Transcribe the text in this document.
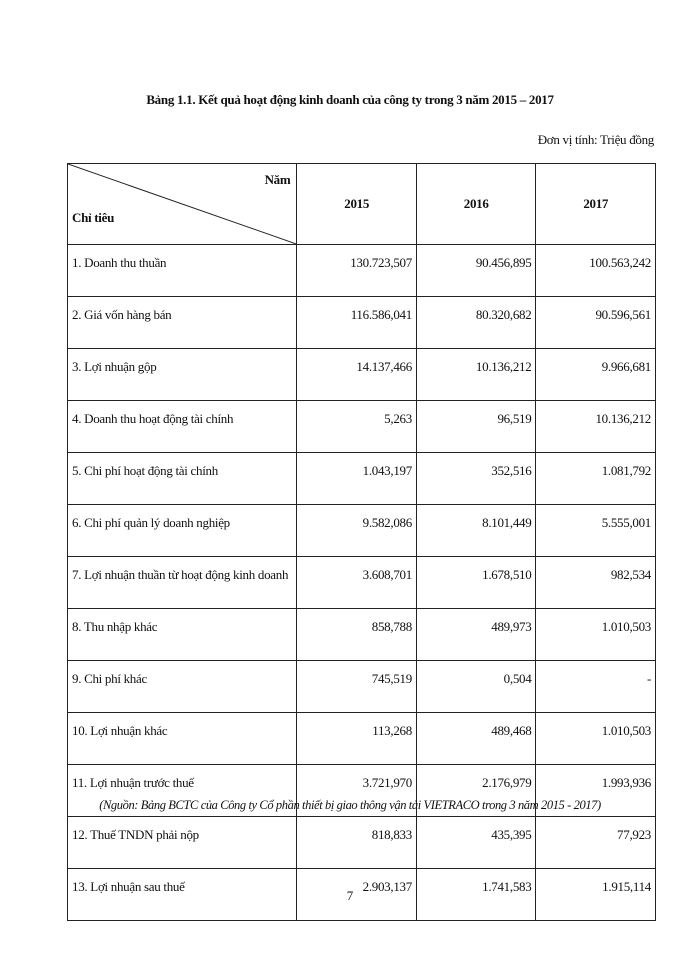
Bảng 1.1. Kết quả hoạt động kinh doanh của công ty trong 3 năm 2015 – 2017
Đơn vị tính: Triệu đồng
Năm
Chỉ tiêu	2015	2016	2017
1. Doanh thu thuần	130.723,507	90.456,895	100.563,242
2. Giá vốn hàng bán	116.586,041	80.320,682	90.596,561
3. Lợi nhuận gộp	14.137,466	10.136,212	9.966,681
4. Doanh thu hoạt động tài chính	5,263	96,519	10.136,212
5. Chi phí hoạt động tài chính	1.043,197	352,516	1.081,792
6. Chi phí quản lý doanh nghiệp	9.582,086	8.101,449	5.555,001
7. Lợi nhuận thuần từ hoạt động kinh doanh	3.608,701	1.678,510	982,534
8. Thu nhập khác	858,788	489,973	1.010,503
9. Chi phí khác	745,519	0,504	-
10. Lợi nhuận khác	113,268	489,468	1.010,503
11. Lợi nhuận trước thuế	3.721,970	2.176,979	1.993,936
12. Thuế TNDN phải nộp	818,833	435,395	77,923
13. Lợi nhuận sau thuế	2.903,137	1.741,583	1.915,114
(Nguồn: Bảng BCTC của Công ty Cổ phần thiết bị giao thông vận tải VIETRACO trong 3 năm 2015 - 2017)
7
